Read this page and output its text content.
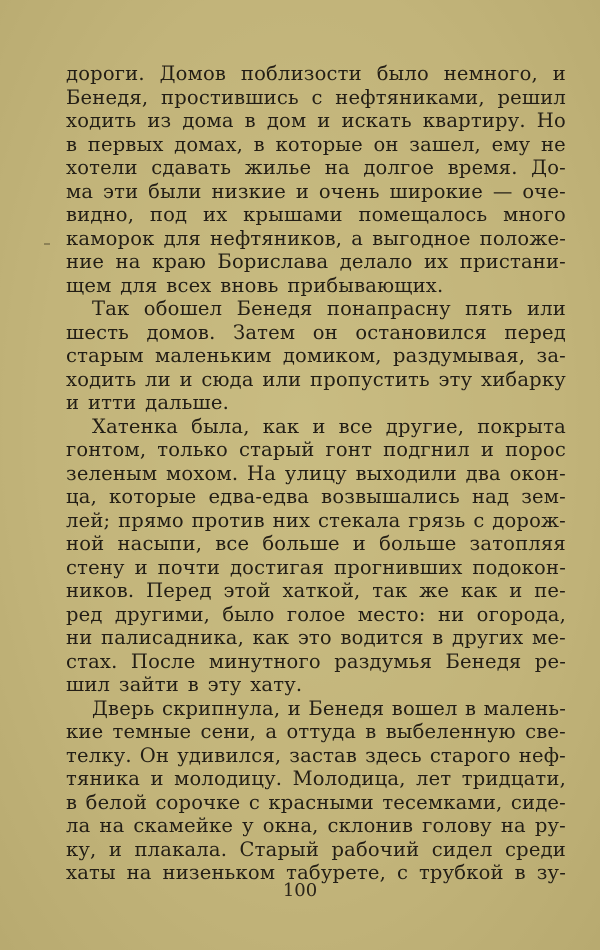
дороги. Домов поблизости было немного, и
Бенедя, простившись с нефтяниками, решил
ходить из дома в дом и искать квартиру. Но
в первых домах, в которые он зашел, ему не
хотели сдавать жилье на долгое время. До-
ма эти были низкие и очень широкие — оче-
видно, под их крышами помещалось много
каморок для нефтяников, а выгодное положе-
ние на краю Борислава делало их пристани-
щем для всех вновь прибывающих.
Так обошел Бенедя понапрасну пять или
шесть домов. Затем он остановился перед
старым маленьким домиком, раздумывая, за-
ходить ли и сюда или пропустить эту хибарку
и итти дальше.
Хатенка была, как и все другие, покрыта
гонтом, только старый гонт подгнил и порос
зеленым мохом. На улицу выходили два окон-
ца, которые едва-едва возвышались над зем-
лей; прямо против них стекала грязь с дорож-
ной насыпи, все больше и больше затопляя
стену и почти достигая прогнивших подокон-
ников. Перед этой хаткой, так же как и пе-
ред другими, было голое место: ни огорода,
ни палисадника, как это водится в других ме-
стах. После минутного раздумья Бенедя ре-
шил зайти в эту хату.
Дверь скрипнула, и Бенедя вошел в малень-
кие темные сени, а оттуда в выбеленную све-
телку. Он удивился, застав здесь старого неф-
тяника и молодицу. Молодица, лет тридцати,
в белой сорочке с красными тесемками, сиде-
ла на скамейке у окна, склонив голову на ру-
ку, и плакала. Старый рабочий сидел среди
хаты на низеньком табурете, с трубкой в зу-
100
